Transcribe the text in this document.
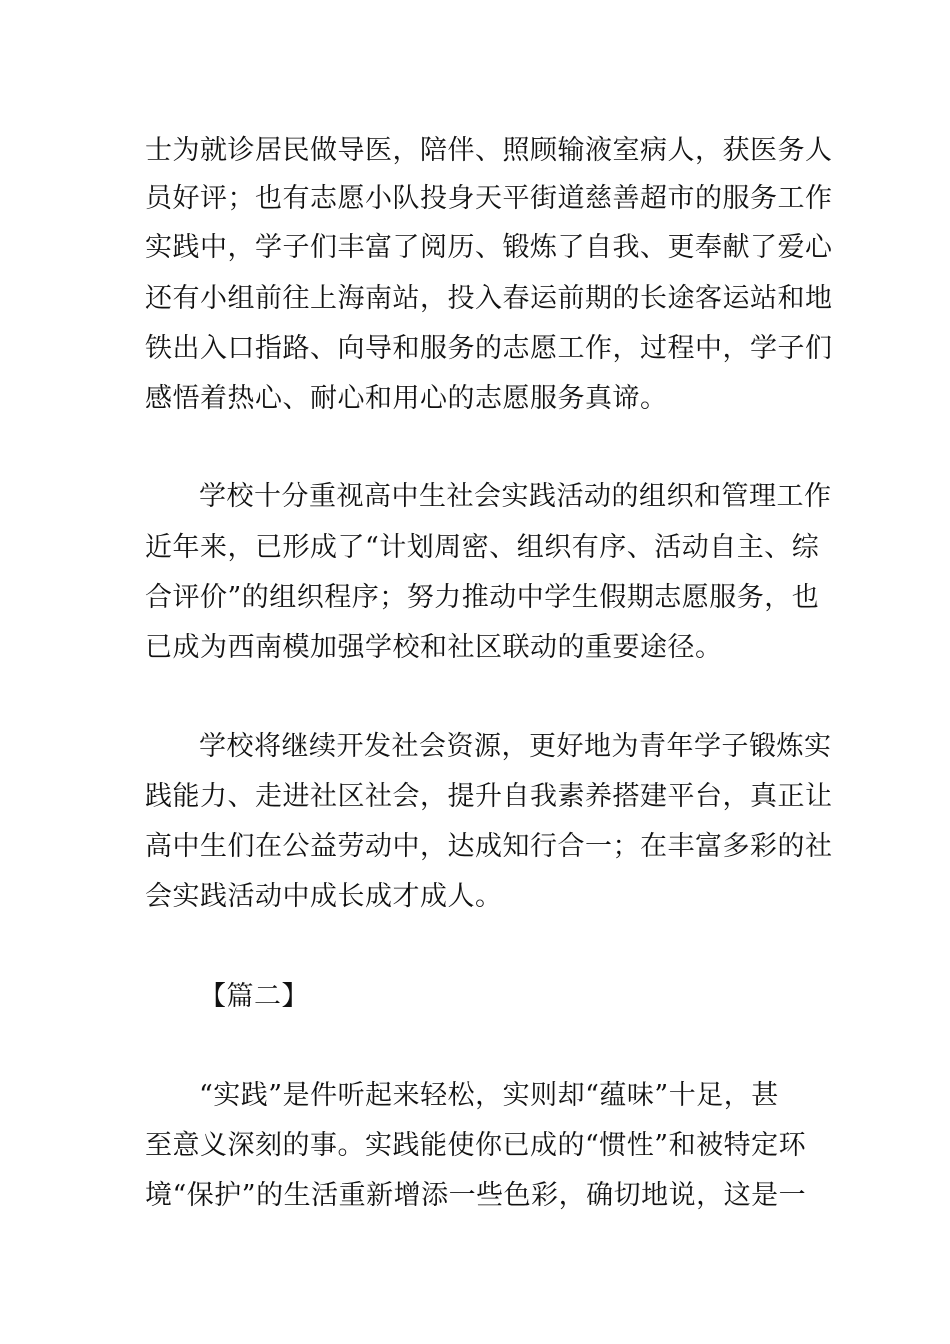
士为就诊居民做导医，陪伴、照顾输液室病人，获医务人
员好评；也有志愿小队投身天平街道慈善超市的服务工作
实践中，学子们丰富了阅历、锻炼了自我、更奉献了爱心
还有小组前往上海南站，投入春运前期的长途客运站和地
铁出入口指路、向导和服务的志愿工作，过程中，学子们
感悟着热心、耐心和用心的志愿服务真谛。
学校十分重视高中生社会实践活动的组织和管理工作
近年来，已形成了“计划周密、组织有序、活动自主、综
合评价”的组织程序；努力推动中学生假期志愿服务，也
已成为西南模加强学校和社区联动的重要途径。
学校将继续开发社会资源，更好地为青年学子锻炼实
践能力、走进社区社会，提升自我素养搭建平台，真正让
高中生们在公益劳动中，达成知行合一；在丰富多彩的社
会实践活动中成长成才成人。
【篇二】
“实践”是件听起来轻松，实则却“蕴味”十足，甚
至意义深刻的事。实践能使你已成的“惯性”和被特定环
境“保护”的生活重新增添一些色彩，确切地说，这是一
